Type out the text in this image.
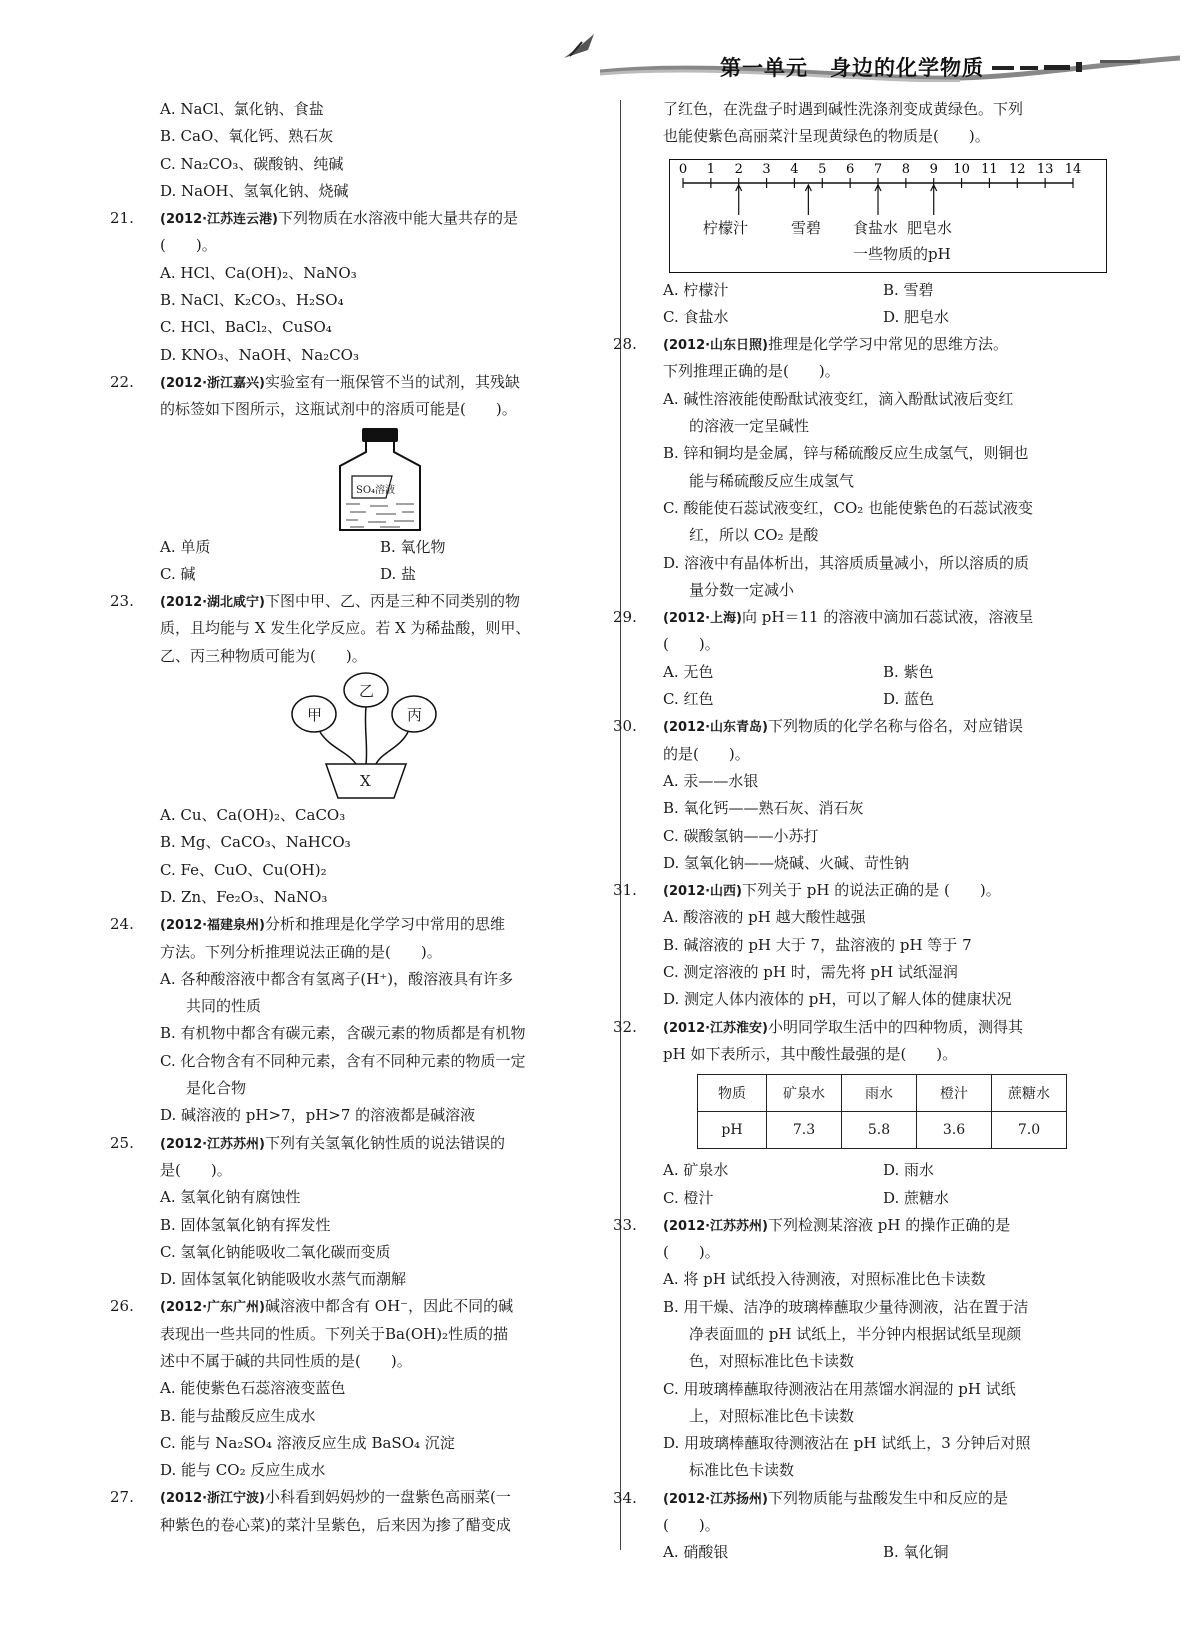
第一单元　身边的化学物质
A. NaCl、氯化钠、食盐
B. CaO、氧化钙、熟石灰
C. Na₂CO₃、碳酸钠、纯碱
D. NaOH、氢氧化钠、烧碱
21.	(2012·江苏连云港)下列物质在水溶液中能大量共存的是
(　　)。
A. HCl、Ca(OH)₂、NaNO₃
B. NaCl、K₂CO₃、H₂SO₄
C. HCl、BaCl₂、CuSO₄
D. KNO₃、NaOH、Na₂CO₃
22.	(2012·浙江嘉兴)实验室有一瓶保管不当的试剂，其残缺
的标签如下图所示，这瓶试剂中的溶质可能是(　　)。
SO₄溶液
A. 单质	B. 氧化物
C. 碱	D. 盐
23.	(2012·湖北咸宁)下图中甲、乙、丙是三种不同类别的物
质，且均能与 X 发生化学反应。若 X 为稀盐酸，则甲、
乙、丙三种物质可能为(　　)。
甲
乙
丙
X
A. Cu、Ca(OH)₂、CaCO₃
B. Mg、CaCO₃、NaHCO₃
C. Fe、CuO、Cu(OH)₂
D. Zn、Fe₂O₃、NaNO₃
24.	(2012·福建泉州)分析和推理是化学学习中常用的思维
方法。下列分析推理说法正确的是(　　)。
A. 各种酸溶液中都含有氢离子(H⁺)，酸溶液具有许多
共同的性质
B. 有机物中都含有碳元素，含碳元素的物质都是有机物
C. 化合物含有不同种元素，含有不同种元素的物质一定
是化合物
D. 碱溶液的 pH>7，pH>7 的溶液都是碱溶液
25.	(2012·江苏苏州)下列有关氢氧化钠性质的说法错误的
是(　　)。
A. 氢氧化钠有腐蚀性
B. 固体氢氧化钠有挥发性
C. 氢氧化钠能吸收二氧化碳而变质
D. 固体氢氧化钠能吸收水蒸气而潮解
26.	(2012·广东广州)碱溶液中都含有 OH⁻，因此不同的碱
表现出一些共同的性质。下列关于Ba(OH)₂性质的描
述中不属于碱的共同性质的是(　　)。
A. 能使紫色石蕊溶液变蓝色
B. 能与盐酸反应生成水
C. 能与 Na₂SO₄ 溶液反应生成 BaSO₄ 沉淀
D. 能与 CO₂ 反应生成水
27.	(2012·浙江宁波)小科看到妈妈炒的一盘紫色高丽菜(一
种紫色的卷心菜)的菜汁呈紫色，后来因为掺了醋变成
了红色，在洗盘子时遇到碱性洗涤剂变成黄绿色。下列
也能使紫色高丽菜汁呈现黄绿色的物质是(　　)。
0 1 2 3 4 5 6 7 8 9 10 11 12 13 14
柠檬汁	雪碧 食盐水 肥皂水
一些物质的pH
A. 柠檬汁	B. 雪碧
C. 食盐水	D. 肥皂水
28.	(2012·山东日照)推理是化学学习中常见的思维方法。
下列推理正确的是(　　)。
A. 碱性溶液能使酚酞试液变红，滴入酚酞试液后变红
的溶液一定呈碱性
B. 锌和铜均是金属，锌与稀硫酸反应生成氢气，则铜也
能与稀硫酸反应生成氢气
C. 酸能使石蕊试液变红，CO₂ 也能使紫色的石蕊试液变
红，所以 CO₂ 是酸
D. 溶液中有晶体析出，其溶质质量减小，所以溶质的质
量分数一定减小
29.	(2012·上海)向 pH＝11 的溶液中滴加石蕊试液，溶液呈
(　　)。
A. 无色	B. 紫色
C. 红色	D. 蓝色
30.	(2012·山东青岛)下列物质的化学名称与俗名，对应错误
的是(　　)。
A. 汞——水银
B. 氧化钙——熟石灰、消石灰
C. 碳酸氢钠——小苏打
D. 氢氧化钠——烧碱、火碱、苛性钠
31.	(2012·山西)下列关于 pH 的说法正确的是 (　　)。
A. 酸溶液的 pH 越大酸性越强
B. 碱溶液的 pH 大于 7，盐溶液的 pH 等于 7
C. 测定溶液的 pH 时，需先将 pH 试纸湿润
D. 测定人体内液体的 pH，可以了解人体的健康状况
32.	(2012·江苏淮安)小明同学取生活中的四种物质，测得其
pH 如下表所示，其中酸性最强的是(　　)。
物质	矿泉水	雨水	橙汁	蔗糖水
pH	7.3	5.8	3.6	7.0
A. 矿泉水	D. 雨水
C. 橙汁	D. 蔗糖水
33.	(2012·江苏苏州)下列检测某溶液 pH 的操作正确的是
(　　)。
A. 将 pH 试纸投入待测液，对照标准比色卡读数
B. 用干燥、洁净的玻璃棒蘸取少量待测液，沾在置于洁
净表面皿的 pH 试纸上，半分钟内根据试纸呈现颜
色，对照标准比色卡读数
C. 用玻璃棒蘸取待测液沾在用蒸馏水润湿的 pH 试纸
上，对照标准比色卡读数
D. 用玻璃棒蘸取待测液沾在 pH 试纸上，3 分钟后对照
标准比色卡读数
34.	(2012·江苏扬州)下列物质能与盐酸发生中和反应的是
(　　)。
A. 硝酸银	B. 氧化铜
